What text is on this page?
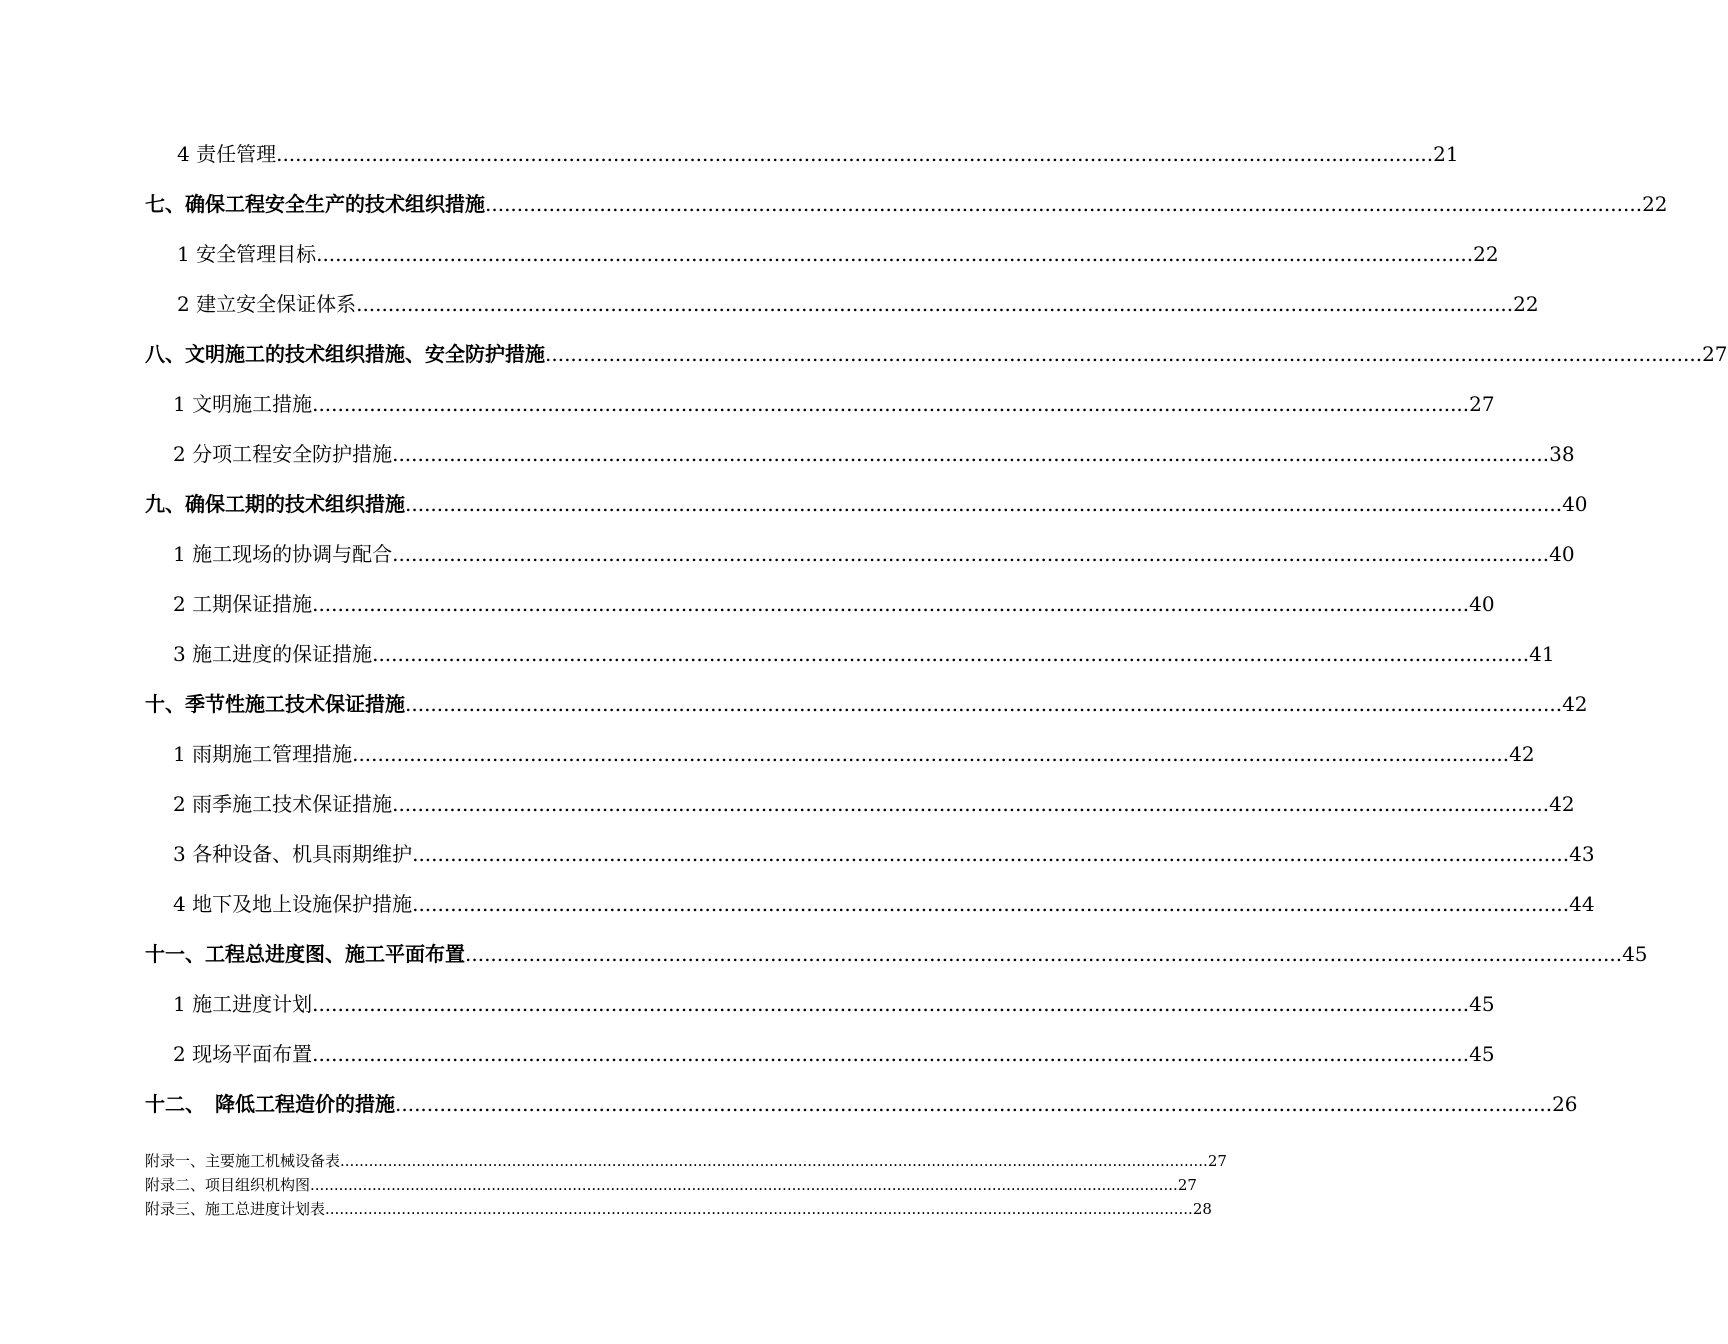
4 责任管理 ...................................................................................................................................................................................... 21
七、确保工程安全生产的技术组织措施 ...................................................................................................................................................................................... 22
1 安全管理目标 ...................................................................................................................................................................................... 22
2 建立安全保证体系 ...................................................................................................................................................................................... 22
八、文明施工的技术组织措施、安全防护措施 ...................................................................................................................................................................................... 27
1 文明施工措施 ...................................................................................................................................................................................... 27
2 分项工程安全防护措施 ...................................................................................................................................................................................... 38
九、确保工期的技术组织措施 ...................................................................................................................................................................................... 40
1 施工现场的协调与配合 ...................................................................................................................................................................................... 40
2 工期保证措施 ...................................................................................................................................................................................... 40
3 施工进度的保证措施 ...................................................................................................................................................................................... 41
十、季节性施工技术保证措施 ...................................................................................................................................................................................... 42
1 雨期施工管理措施 ...................................................................................................................................................................................... 42
2 雨季施工技术保证措施 ...................................................................................................................................................................................... 42
3 各种设备、机具雨期维护 ...................................................................................................................................................................................... 43
4 地下及地上设施保护措施 ...................................................................................................................................................................................... 44
十一、工程总进度图、施工平面布置 ...................................................................................................................................................................................... 45
1 施工进度计划 ...................................................................................................................................................................................... 45
2 现场平面布置 ...................................................................................................................................................................................... 45
十二、　降低工程造价的措施 ...................................................................................................................................................................................... 26
附录一、主要施工机械设备表 ...................................................................................................................................................................................... 27
附录二、项目组织机构图 ...................................................................................................................................................................................... 27
附录三、施工总进度计划表 ...................................................................................................................................................................................... 28
